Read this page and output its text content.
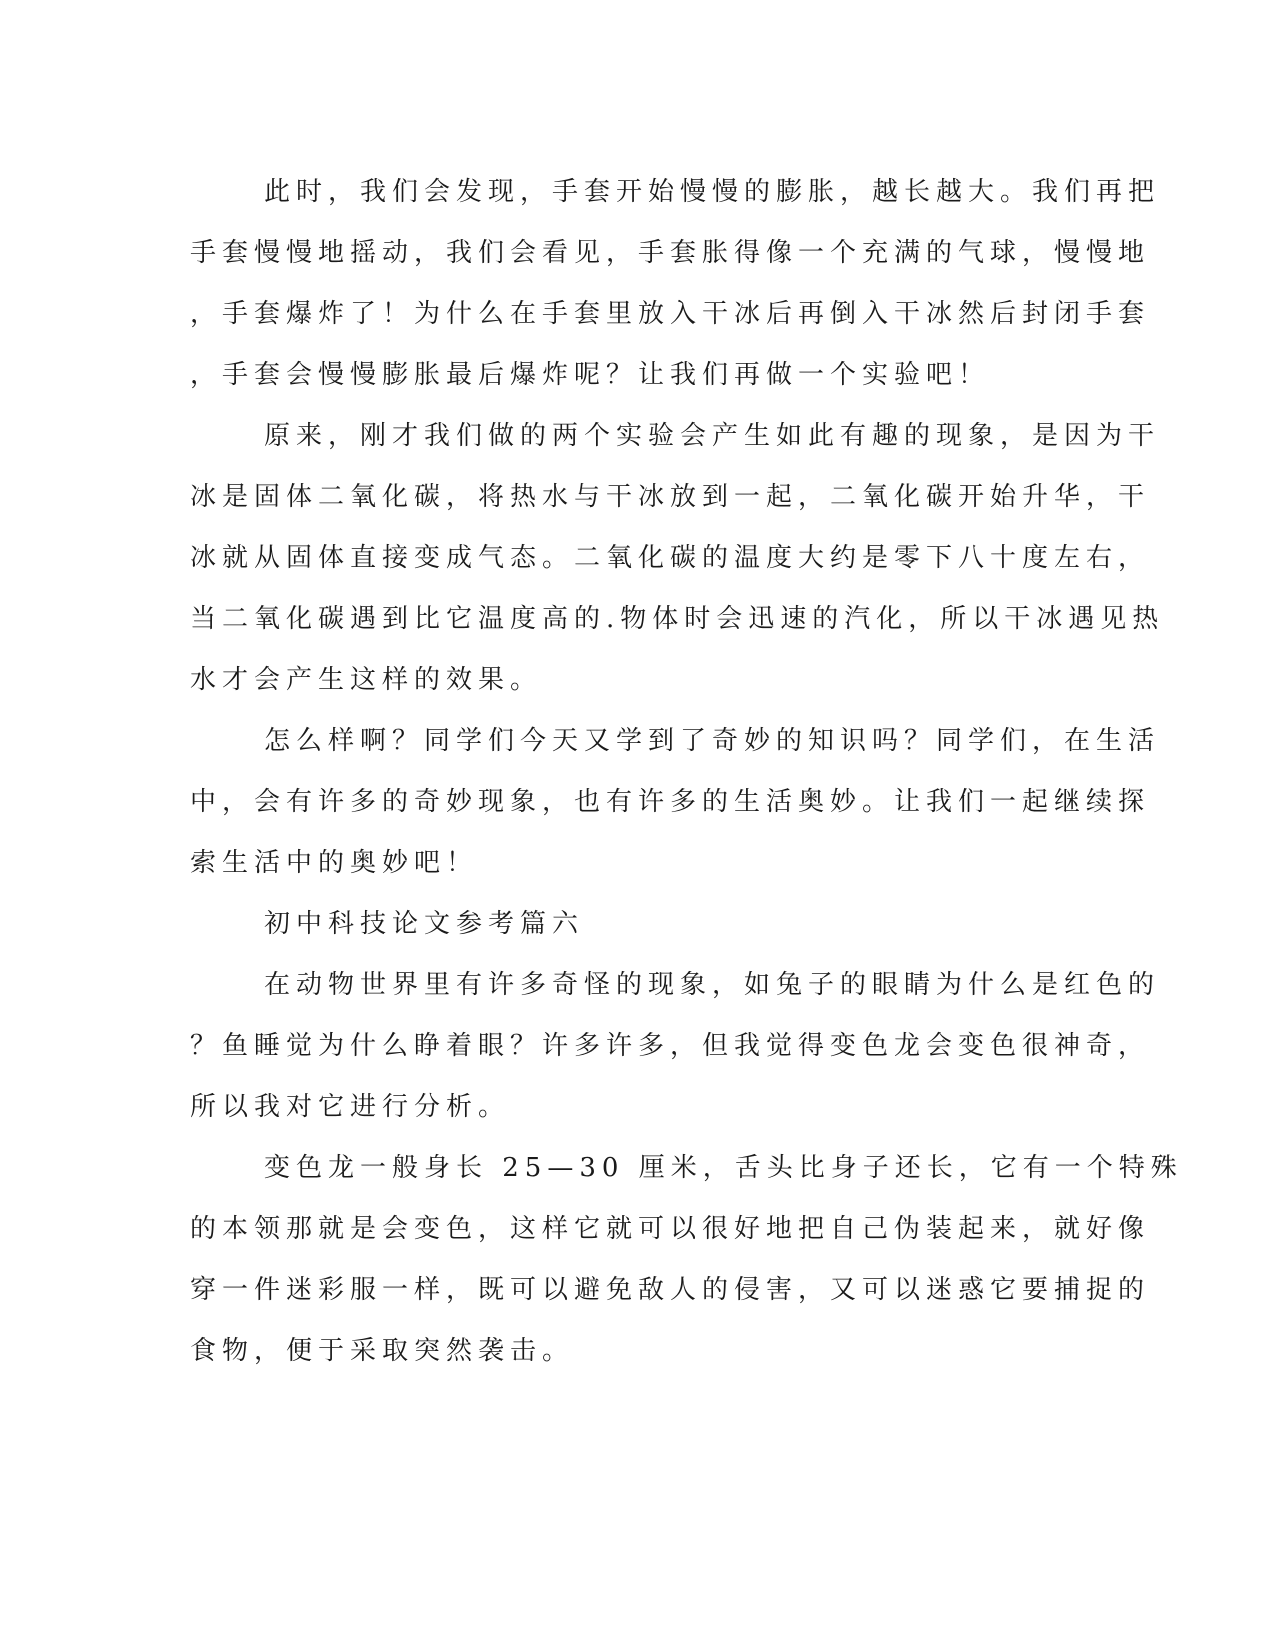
此时，我们会发现，手套开始慢慢的膨胀，越长越大。我们再把
手套慢慢地摇动，我们会看见，手套胀得像一个充满的气球，慢慢地
，手套爆炸了！为什么在手套里放入干冰后再倒入干冰然后封闭手套
，手套会慢慢膨胀最后爆炸呢？让我们再做一个实验吧！
原来，刚才我们做的两个实验会产生如此有趣的现象，是因为干
冰是固体二氧化碳，将热水与干冰放到一起，二氧化碳开始升华，干
冰就从固体直接变成气态。二氧化碳的温度大约是零下八十度左右，
当二氧化碳遇到比它温度高的.物体时会迅速的汽化，所以干冰遇见热
水才会产生这样的效果。
怎么样啊？同学们今天又学到了奇妙的知识吗？同学们，在生活
中，会有许多的奇妙现象，也有许多的生活奥妙。让我们一起继续探
索生活中的奥妙吧！
初中科技论文参考篇六
在动物世界里有许多奇怪的现象，如兔子的眼睛为什么是红色的
？鱼睡觉为什么睁着眼？许多许多，但我觉得变色龙会变色很神奇，
所以我对它进行分析。
变色龙一般身长 25—30 厘米，舌头比身子还长，它有一个特殊
的本领那就是会变色，这样它就可以很好地把自己伪装起来，就好像
穿一件迷彩服一样，既可以避免敌人的侵害，又可以迷惑它要捕捉的
食物，便于采取突然袭击。
